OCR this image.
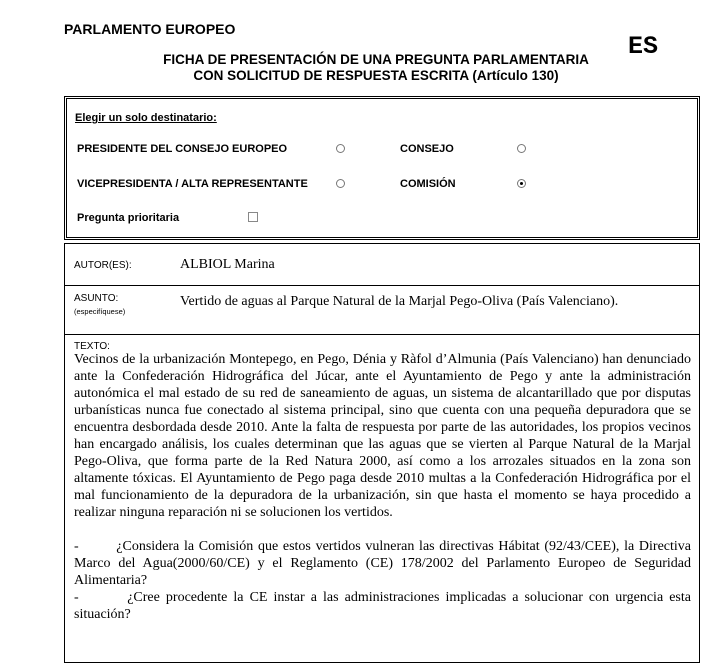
PARLAMENTO EUROPEO
ES
FICHA DE PRESENTACIÓN DE UNA PREGUNTA PARLAMENTARIA
CON SOLICITUD DE RESPUESTA ESCRITA (Artículo 130)
Elegir un solo destinatario:
PRESIDENTE DEL CONSEJO EUROPEO	CONSEJO
VICEPRESIDENTA / ALTA REPRESENTANTE	COMISIÓN
Pregunta prioritaria
AUTOR(ES):	ALBIOL Marina
ASUNTO:
(especifíquese)
Vertido de aguas al Parque Natural de la Marjal Pego-Oliva (País Valenciano).
TEXTO:
Vecinos de la urbanización Montepego, en Pego, Dénia y Ràfol d’Almunia (País Valenciano) han denunciado ante la Confederación Hidrográfica del Júcar, ante el Ayuntamiento de Pego y ante la administración autonómica el mal estado de su red de saneamiento de aguas, un sistema de alcantarillado que por disputas urbanísticas nunca fue conectado al sistema principal, sino que cuenta con una pequeña depuradora que se encuentra desbordada desde 2010. Ante la falta de respuesta por parte de las autoridades, los propios vecinos han encargado análisis, los cuales determinan que las aguas que se vierten al Parque Natural de la Marjal Pego-Oliva, que forma parte de la Red Natura 2000, así como a los arrozales situados en la zona son altamente tóxicas. El Ayuntamiento de Pego paga desde 2010 multas a la Confederación Hidrográfica por el mal funcionamiento de la depuradora de la urbanización, sin que hasta el momento se haya procedido a realizar ninguna reparación ni se solucionen los vertidos.
-        ¿Considera la Comisión que estos vertidos vulneran las directivas Hábitat (92/43/CEE), la Directiva Marco del Agua(2000/60/CE) y el Reglamento (CE) 178/2002 del Parlamento Europeo de Seguridad Alimentaria?
-        ¿Cree procedente la CE instar a las administraciones implicadas a solucionar con urgencia esta situación?
